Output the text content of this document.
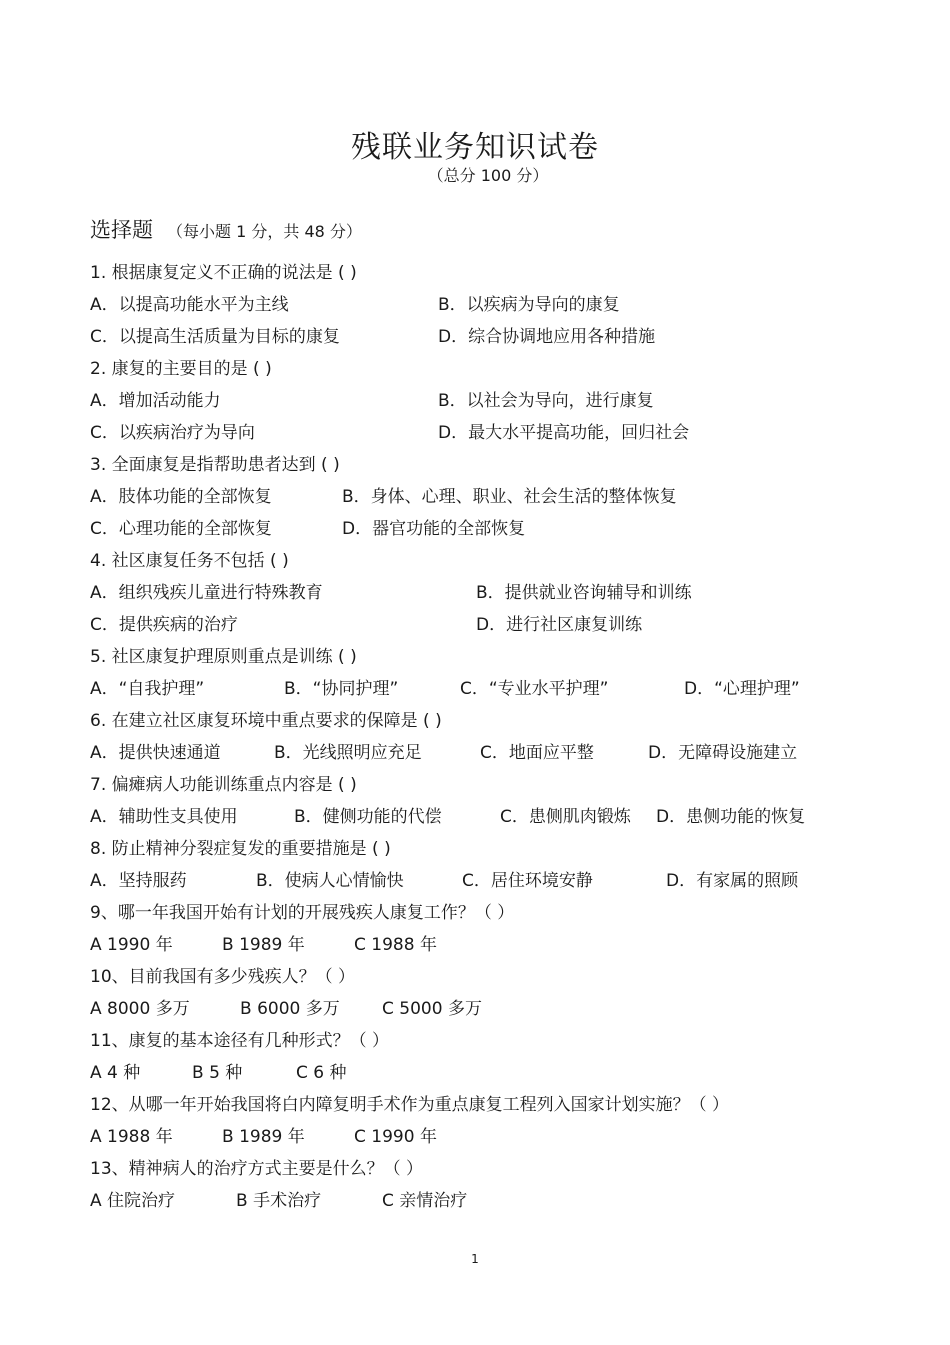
残联业务知识试卷
（总分 100 分）
选择题 （每小题 1 分，共 48 分）
1. 根据康复定义不正确的说法是 ( )
A．以提高功能水平为主线	B．以疾病为导向的康复
C．以提高生活质量为目标的康复	D．综合协调地应用各种措施
2. 康复的主要目的是 ( )
A．增加活动能力	B．以社会为导向，进行康复
C．以疾病治疗为导向	D．最大水平提高功能，回归社会
3. 全面康复是指帮助患者达到 ( )
A．肢体功能的全部恢复	B．身体、心理、职业、社会生活的整体恢复
C．心理功能的全部恢复	D．器官功能的全部恢复
4. 社区康复任务不包括 ( )
A．组织残疾儿童进行特殊教育	B．提供就业咨询辅导和训练
C．提供疾病的治疗	D．进行社区康复训练
5. 社区康复护理原则重点是训练 ( )
A．“自我护理”	B．“协同护理”	C．“专业水平护理”	D．“心理护理”
6. 在建立社区康复环境中重点要求的保障是 ( )
A．提供快速通道	B．光线照明应充足	C．地面应平整	D．无障碍设施建立
7. 偏瘫病人功能训练重点内容是 ( )
A．辅助性支具使用	B．健侧功能的代偿	C．患侧肌肉锻炼 D．患侧功能的恢复
8. 防止精神分裂症复发的重要措施是 ( )
A．坚持服药	B．使病人心情愉快	C．居住环境安静	D．有家属的照顾
9、哪一年我国开始有计划的开展残疾人康复工作？（ ）
A 1990 年	B 1989 年	C 1988 年
10、目前我国有多少残疾人？（ ）
A 8000 多万	B 6000 多万 C 5000 多万
11、康复的基本途径有几种形式？（ ）
A 4 种	B 5 种	C 6 种
12、从哪一年开始我国将白内障复明手术作为重点康复工程列入国家计划实施？（ ）
A 1988 年	B 1989 年	C 1990 年
13、精神病人的治疗方式主要是什么？（ ）
A 住院治疗	B 手术治疗	C 亲情治疗
1
